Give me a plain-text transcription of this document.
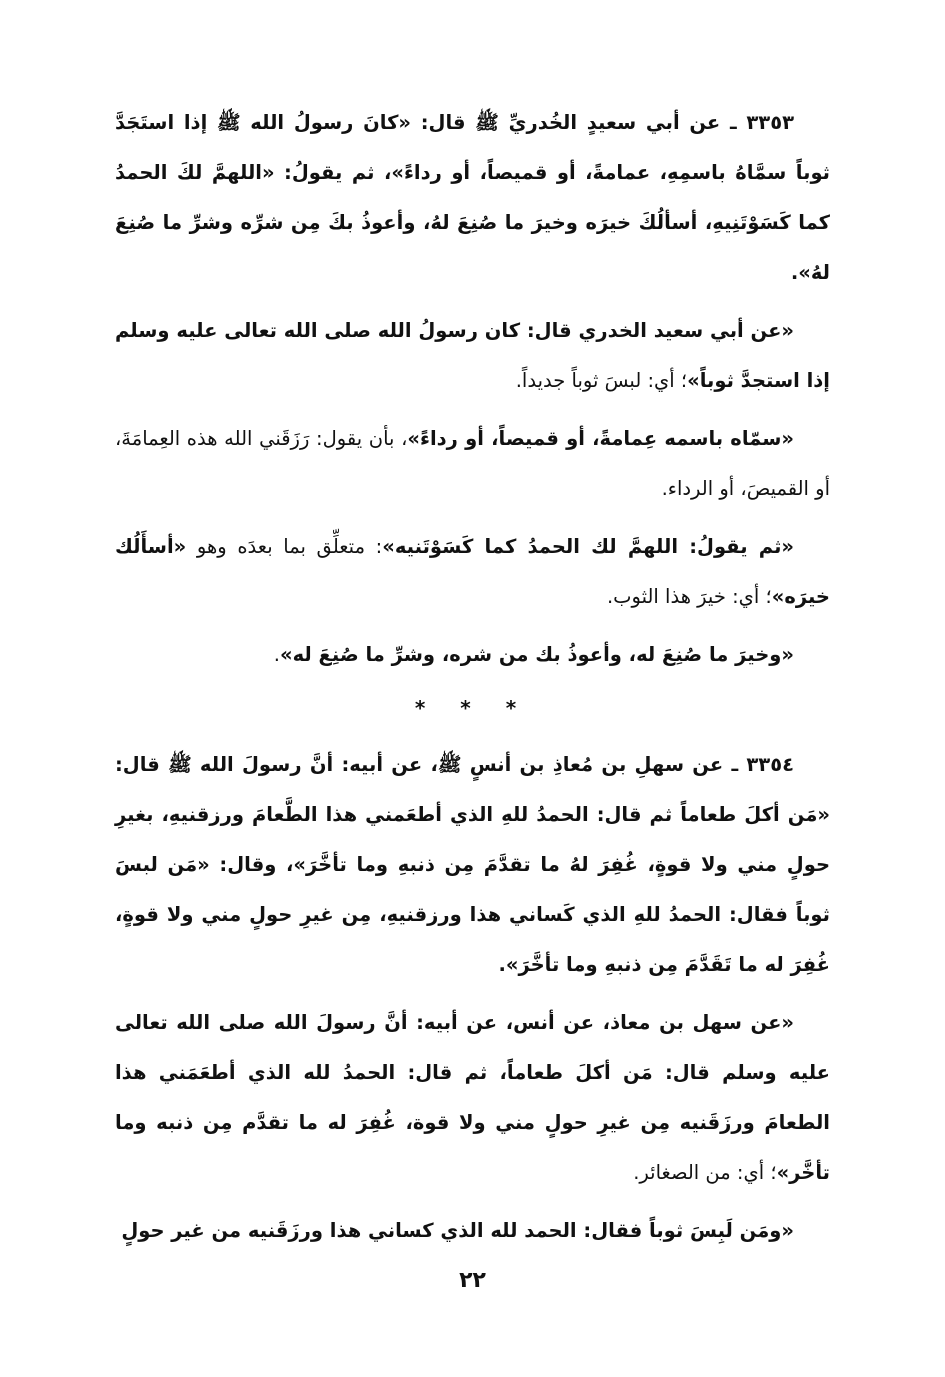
٣٣٥٣ ـ عن أبي سعيدٍ الخُدريِّ ﷺ قال: «كانَ رسولُ الله ﷺ إذا استَجَدَّ ثوباً سمَّاهُ باسمِهِ، عمامةً، أو قميصاً، أو رداءً»، ثم يقولُ: «اللهمَّ لكَ الحمدُ كما كَسَوْتَنِيهِ، أسألُكَ خيرَه وخيرَ ما صُنِعَ لهُ، وأعوذُ بكَ مِن شرِّه وشرِّ ما صُنِعَ لهُ».

«عن أبي سعيد الخدري قال: كان رسولُ الله صلى الله تعالى عليه وسلم إذا استجدَّ ثوباً»؛ أي: لبسَ ثوباً جديداً.

«سمّاه باسمه عِمامةً، أو قميصاً، أو رداءً»، بأن يقول: رَزَقَني الله هذه العِمامَةَ، أو القميصَ، أو الرداء.

«ثم يقولُ: اللهمَّ لك الحمدُ كما كَسَوْتَنيه»: متعلِّق بما بعدَه وهو «أسأَلُك خيرَه»؛ أي: خيرَ هذا الثوب.

«وخيرَ ما صُنِعَ له، وأعوذُ بك من شره، وشرِّ ما صُنِعَ له».

* * *

٣٣٥٤ ـ عن سهلِ بن مُعاذِ بن أنسٍ ﷺ، عن أبيه: أنَّ رسولَ الله ﷺ قال: «مَن أكلَ طعاماً ثم قال: الحمدُ للهِ الذي أطعَمني هذا الطَّعامَ ورزقنيهِ، بغيرِ حولٍ مني ولا قوةٍ، غُفِرَ لهُ ما تقدَّمَ مِن ذنبهِ وما تأخَّرَ»، وقال: «مَن لبسَ ثوباً فقال: الحمدُ للهِ الذي كَساني هذا ورزقنيهِ، مِن غيرِ حولٍ مني ولا قوةٍ، غُفِرَ له ما تَقَدَّمَ مِن ذنبهِ وما تأخَّرَ».

«عن سهل بن معاذ، عن أنس، عن أبيه: أنَّ رسولَ الله صلى الله تعالى عليه وسلم قال: مَن أكلَ طعاماً، ثم قال: الحمدُ لله الذي أطعَمَني هذا الطعامَ ورزَقَنيه مِن غيرِ حولٍ مني ولا قوة، غُفِرَ له ما تقدَّم مِن ذنبه وما تأخَّر»؛ أي: من الصغائر.

«ومَن لَبِسَ ثوباً فقال: الحمد لله الذي كساني هذا ورزَقَنيه من غير حولٍ

٢٢
